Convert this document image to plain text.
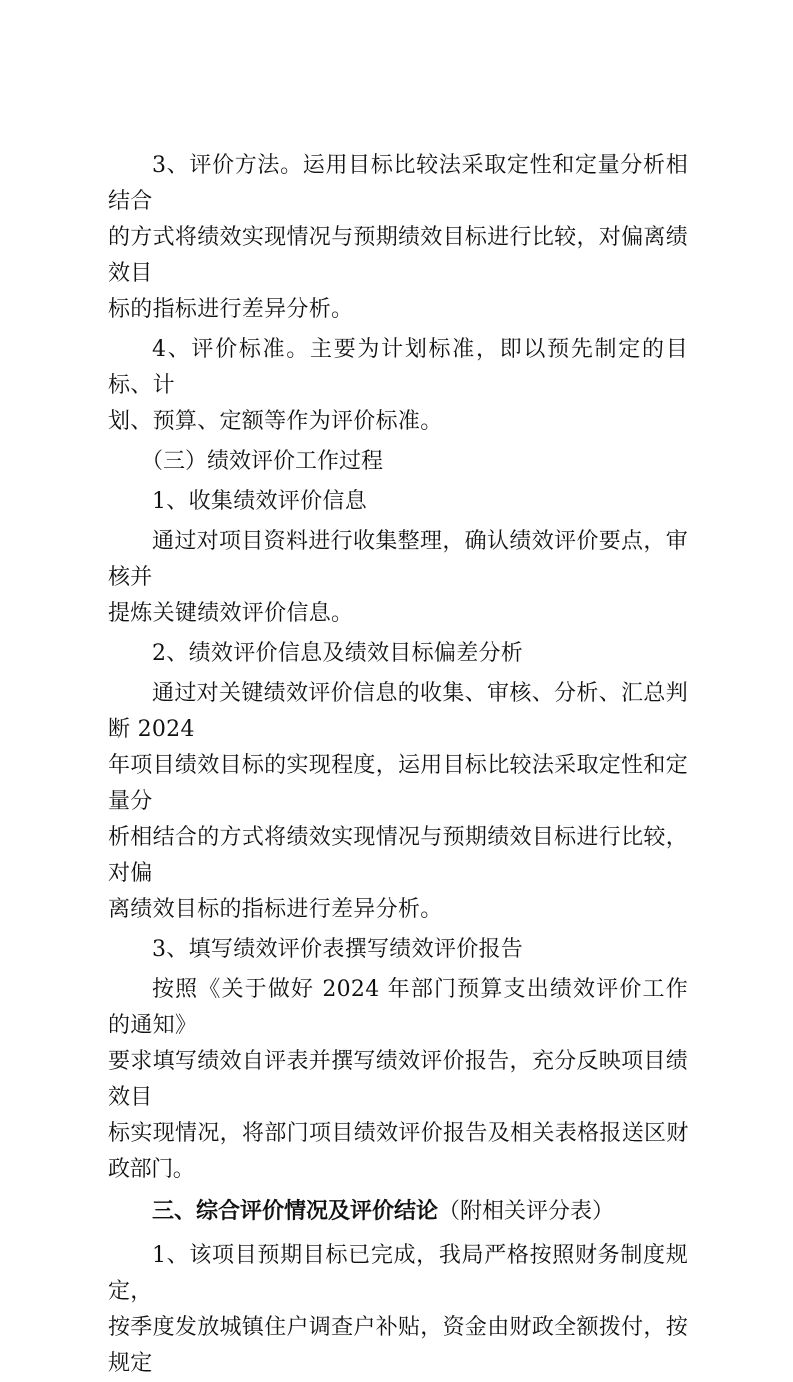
3、评价方法。运用目标比较法采取定性和定量分析相结合
的方式将绩效实现情况与预期绩效目标进行比较，对偏离绩效目
标的指标进行差异分析。

4、评价标准。主要为计划标准，即以预先制定的目标、计
划、预算、定额等作为评价标准。

（三）绩效评价工作过程

1、收集绩效评价信息

通过对项目资料进行收集整理，确认绩效评价要点，审核并
提炼关键绩效评价信息。

2、绩效评价信息及绩效目标偏差分析

通过对关键绩效评价信息的收集、审核、分析、汇总判断 2024
年项目绩效目标的实现程度，运用目标比较法采取定性和定量分
析相结合的方式将绩效实现情况与预期绩效目标进行比较，对偏
离绩效目标的指标进行差异分析。

3、填写绩效评价表撰写绩效评价报告

按照《关于做好 2024 年部门预算支出绩效评价工作的通知》
要求填写绩效自评表并撰写绩效评价报告，充分反映项目绩效目
标实现情况，将部门项目绩效评价报告及相关表格报送区财政部门。

三、综合评价情况及评价结论（附相关评分表）

1、该项目预期目标已完成，我局严格按照财务制度规定，
按季度发放城镇住户调查户补贴，资金由财政全额拨付，按规定
